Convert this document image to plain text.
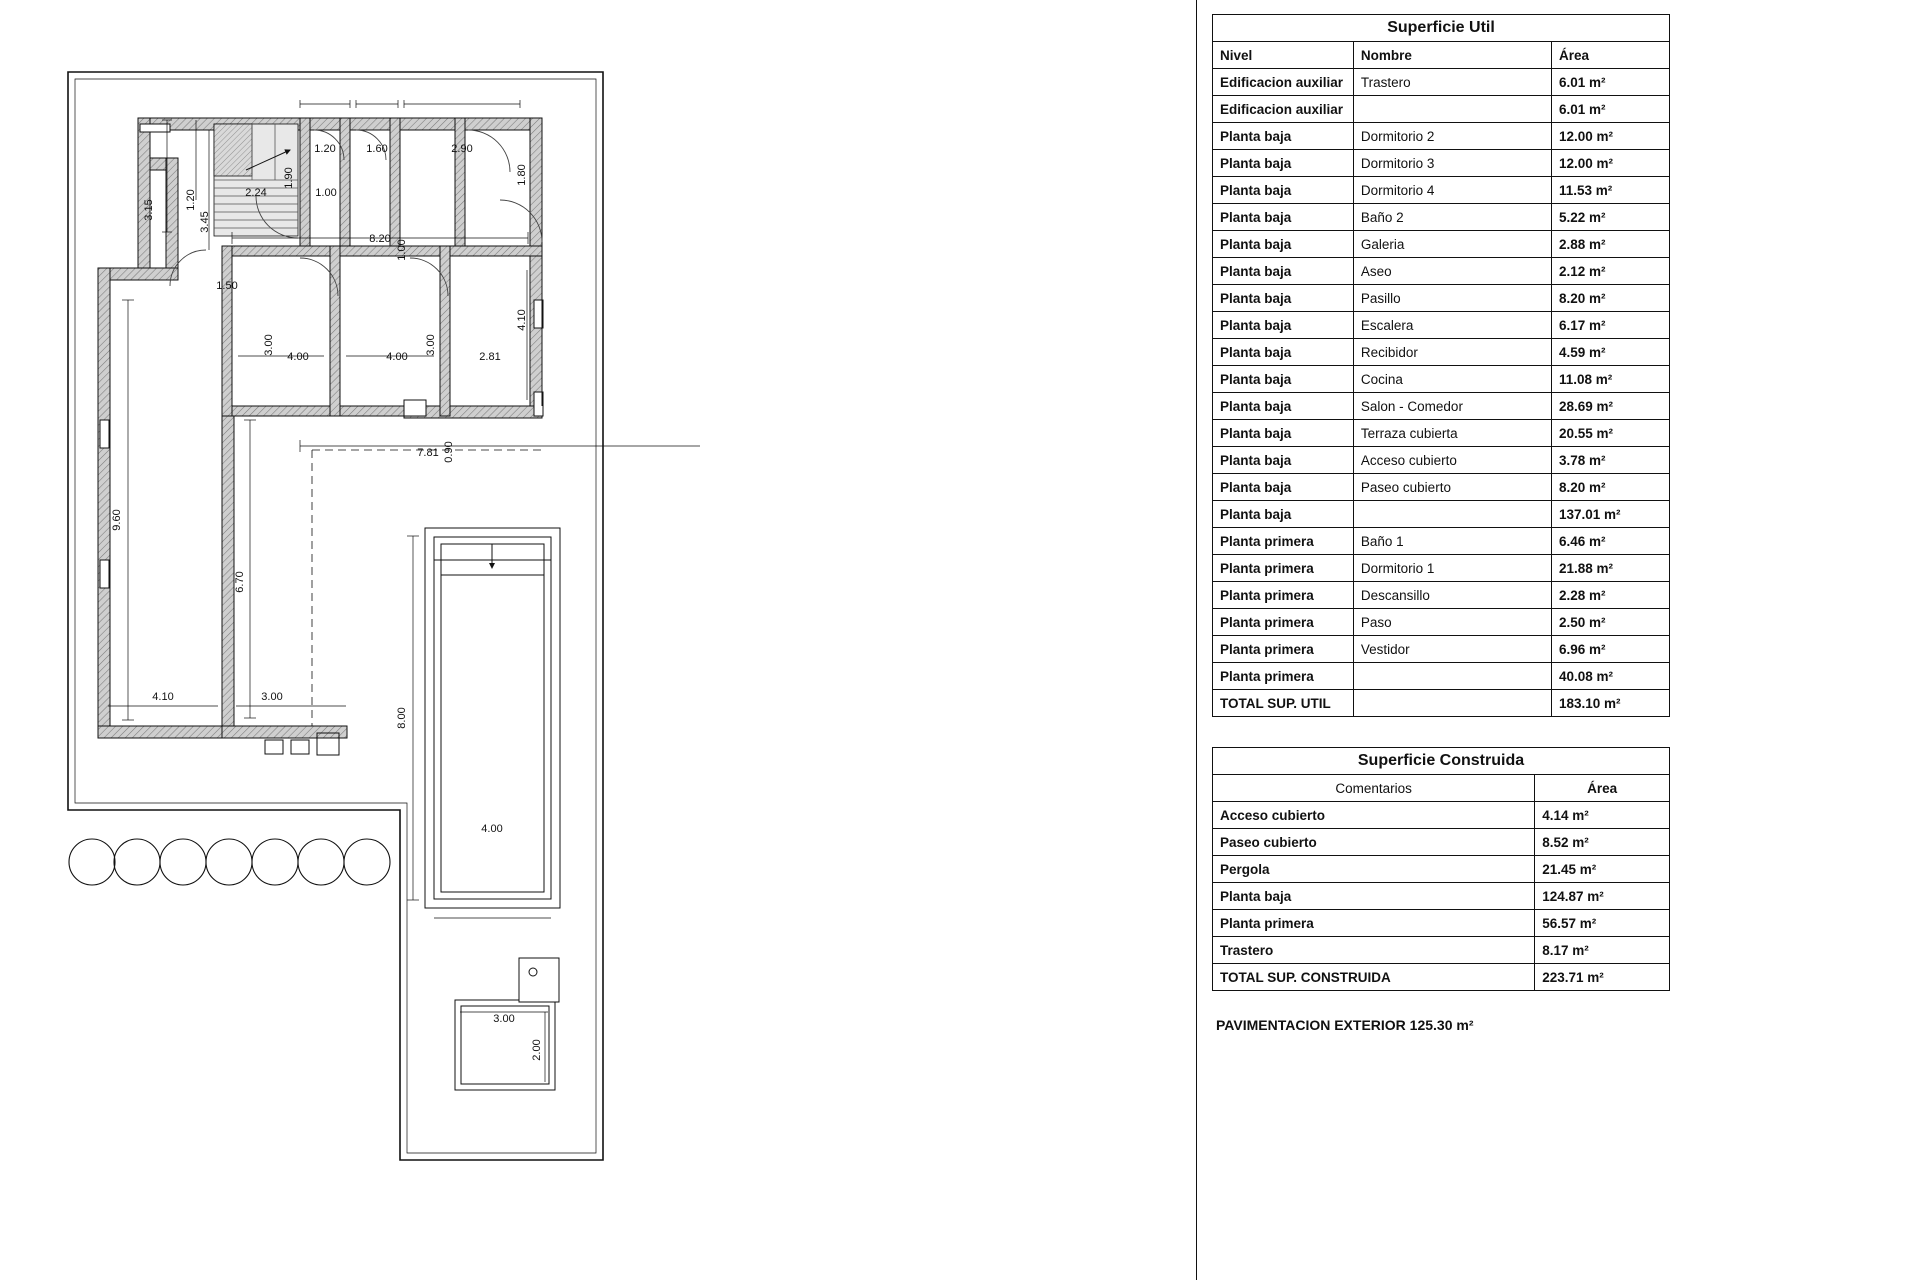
3.15	1.20
3.45
2.24
1.90
1.00
1.20	1.60	2.90
1.80
8.20
1.00
1.50
3.00
4.00	4.00
3.00
2.81
4.10
7.81 0.90
9.60
6.70
4.10	3.00
8.00
4.00
3.00
2.00
Superficie Util		
Nivel	Nombre	Área
Edificacion auxiliar	Trastero	6.01 m²
Edificacion auxiliar		6.01 m²
Planta baja	Dormitorio 2	12.00 m²
Planta baja	Dormitorio 3	12.00 m²
Planta baja	Dormitorio 4	11.53 m²
Planta baja	Baño 2	5.22 m²
Planta baja	Galeria	2.88 m²
Planta baja	Aseo	2.12 m²
Planta baja	Pasillo	8.20 m²
Planta baja	Escalera	6.17 m²
Planta baja	Recibidor	4.59 m²
Planta baja	Cocina	11.08 m²
Planta baja	Salon - Comedor	28.69 m²
Planta baja	Terraza cubierta	20.55 m²
Planta baja	Acceso cubierto	3.78 m²
Planta baja	Paseo cubierto	8.20 m²
Planta baja		137.01 m²
Planta primera	Baño 1	6.46 m²
Planta primera	Dormitorio 1	21.88 m²
Planta primera	Descansillo	2.28 m²
Planta primera	Paso	2.50 m²
Planta primera	Vestidor	6.96 m²
Planta primera		40.08 m²
TOTAL SUP. UTIL		183.10 m²
Superficie Construida	
Comentarios	Área
Acceso cubierto	4.14 m²
Paseo cubierto	8.52 m²
Pergola	21.45 m²
Planta baja	124.87 m²
Planta primera	56.57 m²
Trastero	8.17 m²
TOTAL SUP. CONSTRUIDA	223.71 m²
PAVIMENTACION EXTERIOR 125.30 m²
